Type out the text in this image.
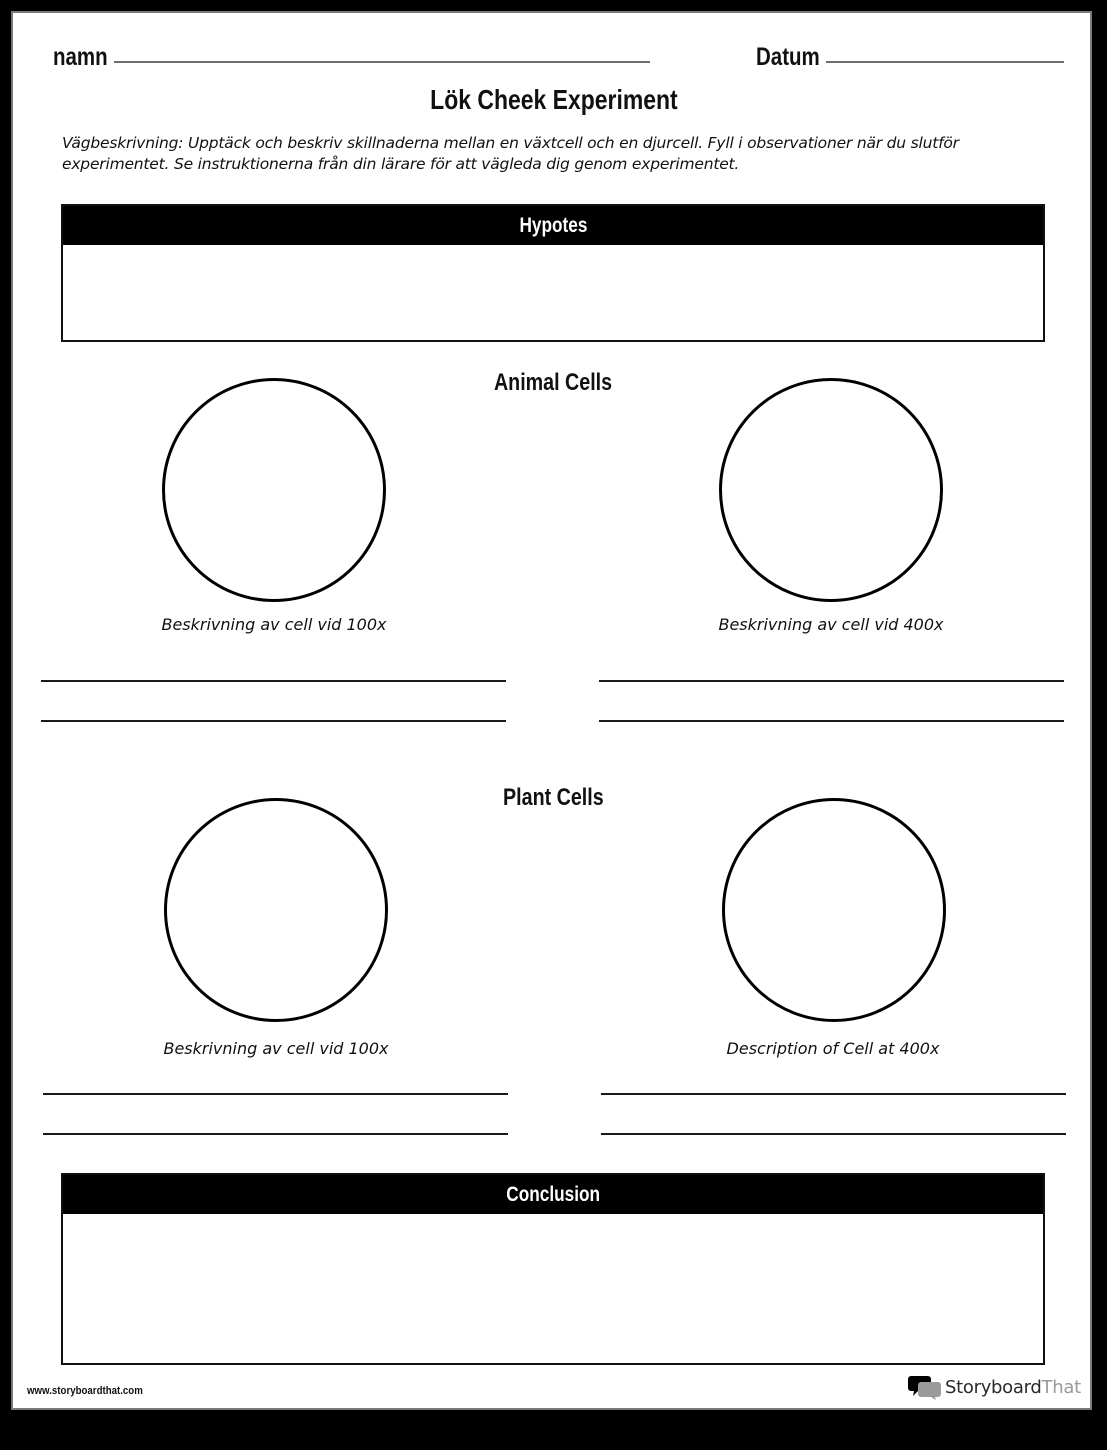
namn	Datum
Lök Cheek Experiment
Vägbeskrivning: Upptäck och beskriv skillnaderna mellan en växtcell och en djurcell. Fyll i observationer när du slutför experimentet. Se instruktionerna från din lärare för att vägleda dig genom experimentet.
Hypotes
Animal Cells
Beskrivning av cell vid 100x	Beskrivning av cell vid 400x
Plant Cells
Beskrivning av cell vid 100x	Description of Cell at 400x
Conclusion
www.storyboardthat.com	StoryboardThat
